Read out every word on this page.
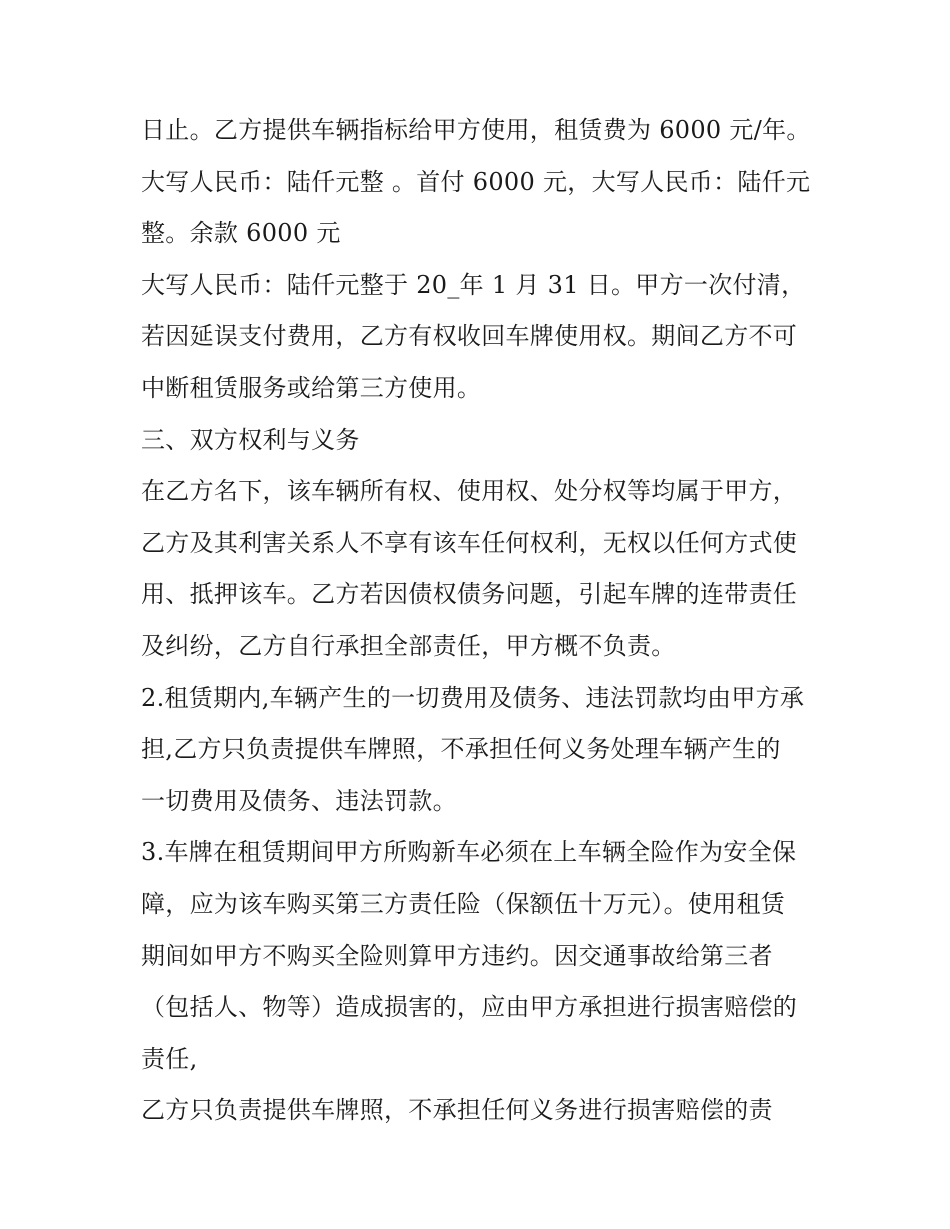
日止。乙方提供车辆指标给甲方使用，租赁费为 6000 元/年。
大写人民币：陆仟元整 。首付 6000 元，大写人民币：陆仟元
整。余款 6000 元
大写人民币：陆仟元整于 20_年 1 月 31 日。甲方一次付清，
若因延误支付费用，乙方有权收回车牌使用权。期间乙方不可
中断租赁服务或给第三方使用。
三、双方权利与义务
在乙方名下，该车辆所有权、使用权、处分权等均属于甲方，
乙方及其利害关系人不享有该车任何权利，无权以任何方式使
用、抵押该车。乙方若因债权债务问题，引起车牌的连带责任
及纠纷，乙方自行承担全部责任，甲方概不负责。
2.租赁期内,车辆产生的一切费用及债务、违法罚款均由甲方承
担,乙方只负责提供车牌照，不承担任何义务处理车辆产生的
一切费用及债务、违法罚款。
3.车牌在租赁期间甲方所购新车必须在上车辆全险作为安全保
障，应为该车购买第三方责任险（保额伍十万元）。使用租赁
期间如甲方不购买全险则算甲方违约。因交通事故给第三者
（包括人、物等）造成损害的，应由甲方承担进行损害赔偿的
责任,
乙方只负责提供车牌照，不承担任何义务进行损害赔偿的责
